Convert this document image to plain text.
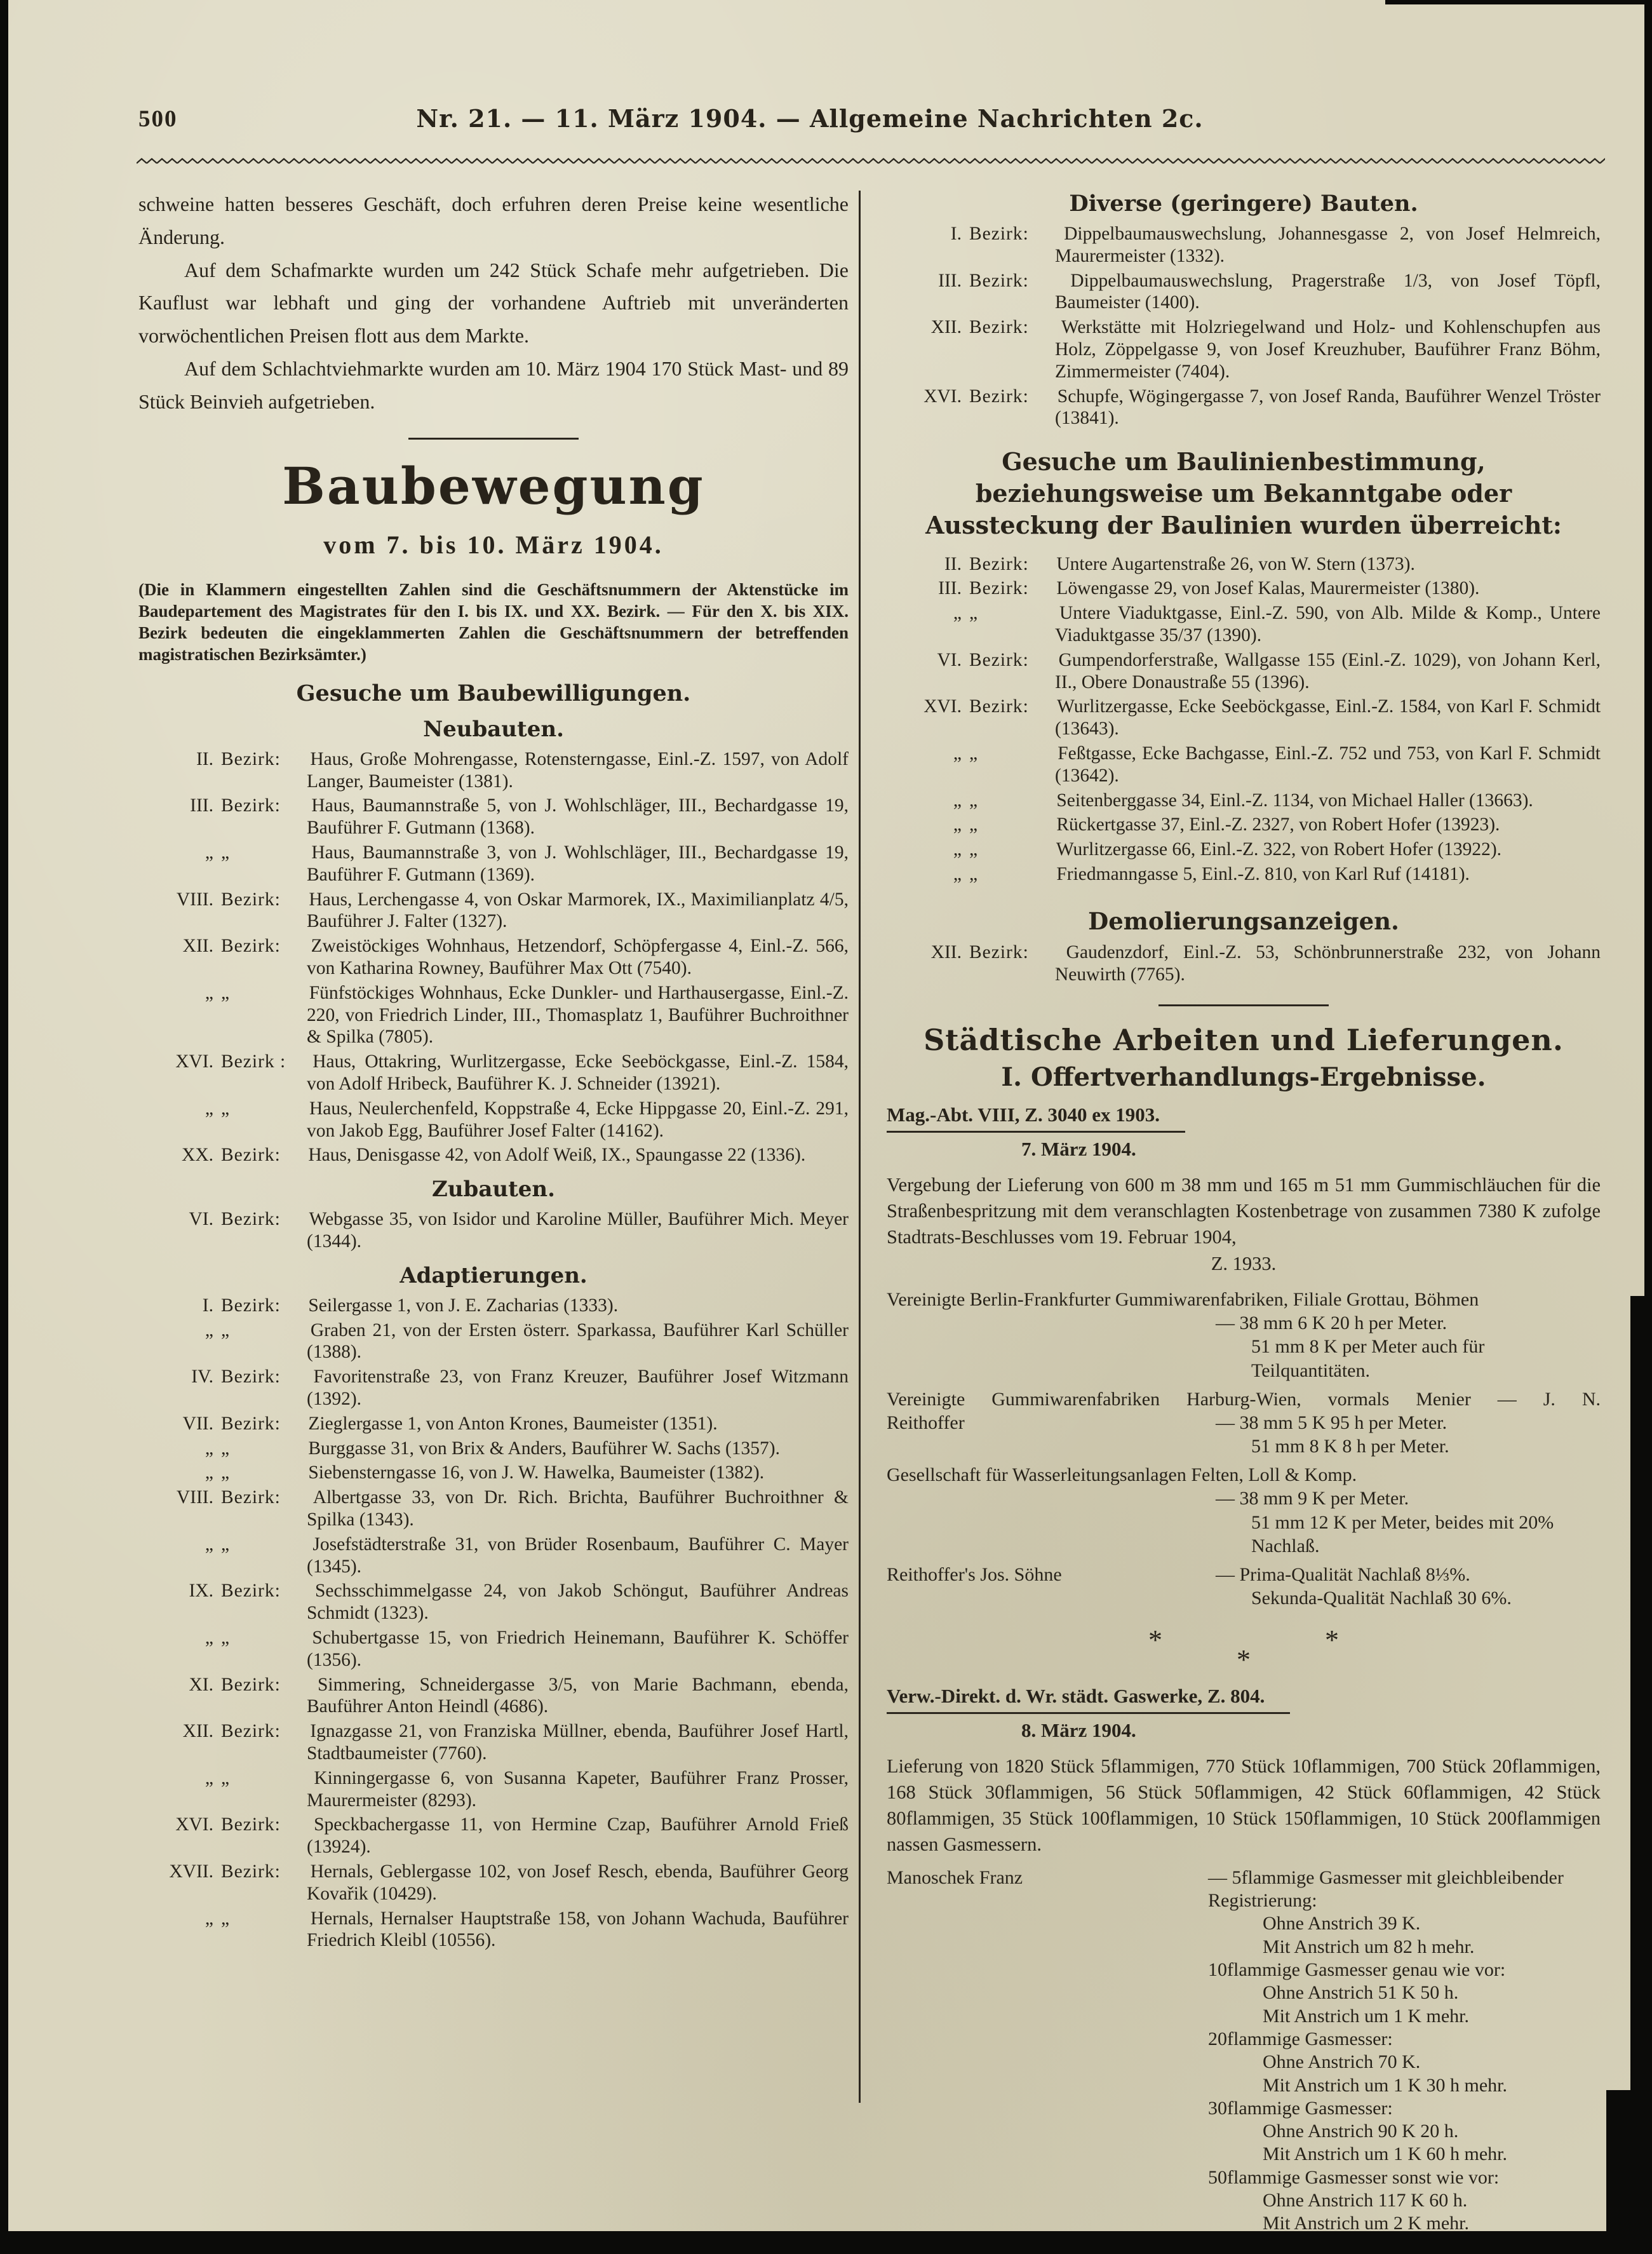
500	Nr. 21. — 11. März 1904. — Allgemeine Nachrichten 2c.

schweine hatten besseres Geschäft, doch erfuhren deren Preise keine wesentliche Änderung.

Auf dem Schafmarkte wurden um 242 Stück Schafe mehr aufgetrieben. Die Kauflust war lebhaft und ging der vorhandene Auftrieb mit unveränderten vorwöchentlichen Preisen flott aus dem Markte.

Auf dem Schlachtviehmarkte wurden am 10. März 1904 170 Stück Mast- und 89 Stück Beinvieh aufgetrieben.

Baubewegung
vom 7. bis 10. März 1904.

(Die in Klammern eingestellten Zahlen sind die Geschäftsnummern der Aktenstücke im Baudepartement des Magistrates für den I. bis IX. und XX. Bezirk. — Für den X. bis XIX. Bezirk bedeuten die eingeklammerten Zahlen die Geschäftsnummern der betreffenden magistratischen Bezirksämter.)

Gesuche um Baubewilligungen.
Neubauten.
II. Bezirk: Haus, Große Mohrengasse, Rotensterngasse, Einl.-Z. 1597, von Adolf Langer, Baumeister (1381).
III. Bezirk: Haus, Baumannstraße 5, von J. Wohlschläger, III., Bechardgasse 19, Bauführer F. Gutmann (1368).
„ „	Haus, Baumannstraße 3, von J. Wohlschläger, III., Bechardgasse 19, Bauführer F. Gutmann (1369).
VIII. Bezirk: Haus, Lerchengasse 4, von Oskar Marmorek, IX., Maximilianplatz 4/5, Bauführer J. Falter (1327).
XII. Bezirk: Zweistöckiges Wohnhaus, Hetzendorf, Schöpfergasse 4, Einl.-Z. 566, von Katharina Rowney, Bauführer Max Ott (7540).
„ „	Fünfstöckiges Wohnhaus, Ecke Dunkler- und Harthausergasse, Einl.-Z. 220, von Friedrich Linder, III., Thomasplatz 1, Bauführer Buchroithner & Spilka (7805).
XVI. Bezirk : Haus, Ottakring, Wurlitzergasse, Ecke Seeböckgasse, Einl.-Z. 1584, von Adolf Hribeck, Bauführer K. J. Schneider (13921).
„ „	Haus, Neulerchenfeld, Koppstraße 4, Ecke Hippgasse 20, Einl.-Z. 291, von Jakob Egg, Bauführer Josef Falter (14162).
XX. Bezirk: Haus, Denisgasse 42, von Adolf Weiß, IX., Spaungasse 22 (1336).
Zubauten.
VI. Bezirk: Webgasse 35, von Isidor und Karoline Müller, Bauführer Mich. Meyer (1344).
Adaptierungen.
I. Bezirk: Seilergasse 1, von J. E. Zacharias (1333).
„ „	Graben 21, von der Ersten österr. Sparkassa, Bauführer Karl Schüller (1388).
IV. Bezirk: Favoritenstraße 23, von Franz Kreuzer, Bauführer Josef Witzmann (1392).
VII. Bezirk: Zieglergasse 1, von Anton Krones, Baumeister (1351).
„ „	Burggasse 31, von Brix & Anders, Bauführer W. Sachs (1357).
„ „	Siebensterngasse 16, von J. W. Hawelka, Baumeister (1382).
VIII. Bezirk: Albertgasse 33, von Dr. Rich. Brichta, Bauführer Buchroithner & Spilka (1343).
„ „	Josefstädterstraße 31, von Brüder Rosenbaum, Bauführer C. Mayer (1345).
IX. Bezirk: Sechsschimmelgasse 24, von Jakob Schöngut, Bauführer Andreas Schmidt (1323).
„ „	Schubertgasse 15, von Friedrich Heinemann, Bauführer K. Schöffer (1356).
XI. Bezirk: Simmering, Schneidergasse 3/5, von Marie Bachmann, ebenda, Bauführer Anton Heindl (4686).
XII. Bezirk: Ignazgasse 21, von Franziska Müllner, ebenda, Bauführer Josef Hartl, Stadtbaumeister (7760).
„ „	Kinningergasse 6, von Susanna Kapeter, Bauführer Franz Prosser, Maurermeister (8293).
XVI. Bezirk: Speckbachergasse 11, von Hermine Czap, Bauführer Arnold Frieß (13924).
XVII. Bezirk: Hernals, Geblergasse 102, von Josef Resch, ebenda, Bauführer Georg Kovařik (10429).
„ „	Hernals, Hernalser Hauptstraße 158, von Johann Wachuda, Bauführer Friedrich Kleibl (10556).
Diverse (geringere) Bauten.
I. Bezirk: Dippelbaumauswechslung, Johannesgasse 2, von Josef Helmreich, Maurermeister (1332).
III. Bezirk: Dippelbaumauswechslung, Pragerstraße 1/3, von Josef Töpfl, Baumeister (1400).
XII. Bezirk: Werkstätte mit Holzriegelwand und Holz- und Kohlenschupfen aus Holz, Zöppelgasse 9, von Josef Kreuzhuber, Bauführer Franz Böhm, Zimmermeister (7404).
XVI. Bezirk: Schupfe, Wögingergasse 7, von Josef Randa, Bauführer Wenzel Tröster (13841).
Gesuche um Baulinienbestimmung, beziehungsweise um Bekanntgabe oder Aussteckung der Baulinien wurden überreicht:
II. Bezirk: Untere Augartenstraße 26, von W. Stern (1373).
III. Bezirk: Löwengasse 29, von Josef Kalas, Maurermeister (1380).
„ „	Untere Viaduktgasse, Einl.-Z. 590, von Alb. Milde & Komp., Untere Viaduktgasse 35/37 (1390).
VI. Bezirk: Gumpendorferstraße, Wallgasse 155 (Einl.-Z. 1029), von Johann Kerl, II., Obere Donaustraße 55 (1396).
XVI. Bezirk: Wurlitzergasse, Ecke Seeböckgasse, Einl.-Z. 1584, von Karl F. Schmidt (13643).
„ „	Feßtgasse, Ecke Bachgasse, Einl.-Z. 752 und 753, von Karl F. Schmidt (13642).
„ „	Seitenberggasse 34, Einl.-Z. 1134, von Michael Haller (13663).
„ „	Rückertgasse 37, Einl.-Z. 2327, von Robert Hofer (13923).
„ „	Wurlitzergasse 66, Einl.-Z. 322, von Robert Hofer (13922).
„ „	Friedmanngasse 5, Einl.-Z. 810, von Karl Ruf (14181).
Demolierungsanzeigen.
XII. Bezirk: Gaudenzdorf, Einl.-Z. 53, Schönbrunnerstraße 232, von Johann Neuwirth (7765).
Städtische Arbeiten und Lieferungen.
I. Offertverhandlungs-Ergebnisse.
Mag.-Abt. VIII, Z. 3040 ex 1903.
7. März 1904.

Vergebung der Lieferung von 600 m 38 mm und 165 m 51 mm Gummischläuchen für die Straßenbespritzung mit dem veranschlagten Kostenbetrage von zusammen 7380 K zufolge Stadtrats-Beschlusses vom 19. Februar 1904,

Z. 1933.
Vereinigte Berlin-Frankfurter Gummiwarenfabriken, Filiale Grottau, Böhmen
— 38 mm 6 K 20 h per Meter.
51 mm 8 K per Meter auch für Teilquantitäten.
Vereinigte Gummiwarenfabriken Harburg-Wien, vormals Menier — J. N.
Reithoffer	— 38 mm 5 K 95 h per Meter.
51 mm 8 K 8 h per Meter.
Gesellschaft für Wasserleitungsanlagen Felten, Loll & Komp.
— 38 mm 9 K per Meter.
51 mm 12 K per Meter, beides mit 20% Nachlaß.
Reithoffer's Jos. Söhne	— Prima-Qualität Nachlaß 8⅓%.
Sekunda-Qualität Nachlaß 30 6%.
*	*
*
Verw.-Direkt. d. Wr. städt. Gaswerke, Z. 804.
8. März 1904.

Lieferung von 1820 Stück 5flammigen, 770 Stück 10flammigen, 700 Stück 20flammigen, 168 Stück 30flammigen, 56 Stück 50flammigen, 42 Stück 60flammigen, 42 Stück 80flammigen, 35 Stück 100flammigen, 10 Stück 150flammigen, 10 Stück 200flammigen nassen Gasmessern.

Manoschek Franz	— 5flammige Gasmesser mit gleichbleibender Registrierung:
Ohne Anstrich 39 K.
Mit Anstrich um 82 h mehr.
10flammige Gasmesser genau wie vor:
Ohne Anstrich 51 K 50 h.
Mit Anstrich um 1 K mehr.
20flammige Gasmesser:
Ohne Anstrich 70 K.
Mit Anstrich um 1 K 30 h mehr.
30flammige Gasmesser:
Ohne Anstrich 90 K 20 h.
Mit Anstrich um 1 K 60 h mehr.
50flammige Gasmesser sonst wie vor:
Ohne Anstrich 117 K 60 h.
Mit Anstrich um 2 K mehr.
